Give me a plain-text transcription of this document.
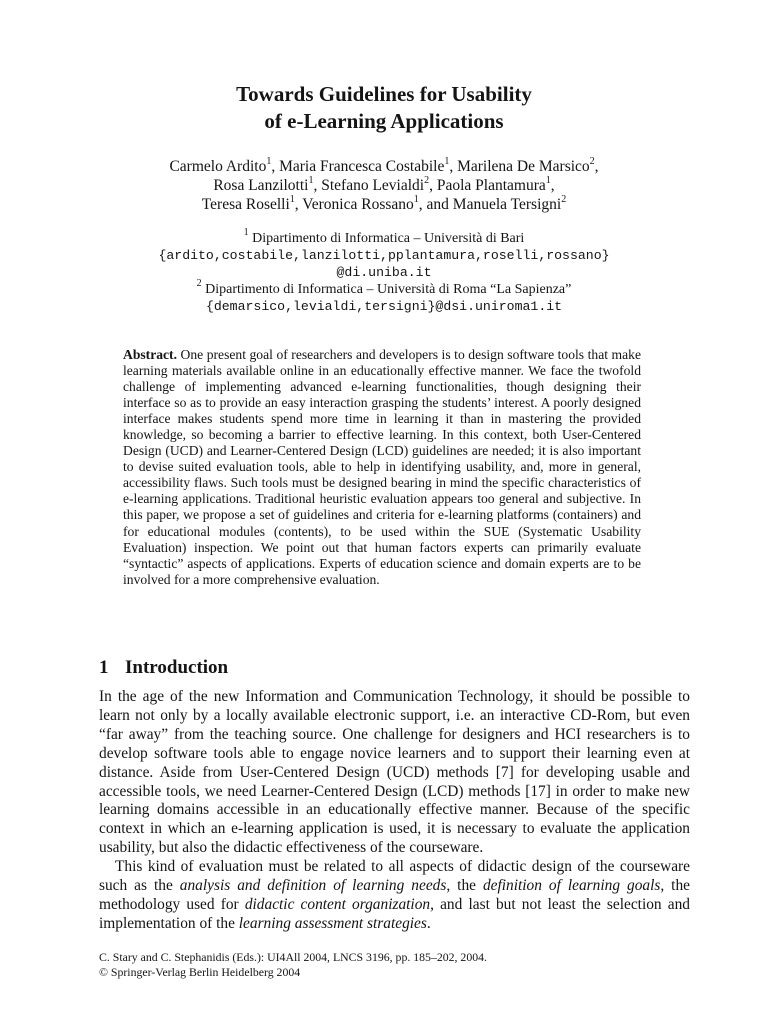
Towards Guidelines for Usability
of e-Learning Applications
Carmelo Ardito$^1$, Maria Francesca Costabile$^1$, Marilena De Marsico$^2$,
Rosa Lanzilotti$^1$, Stefano Levialdi$^2$, Paola Plantamura$^1$,
Teresa Roselli$^1$, Veronica Rossano$^1$, and Manuela Tersigni$^2$
$^1$ Dipartimento di Informatica – Università di Bari
{ardito,costabile,lanzilotti,pplantamura,roselli,rossano}
@di.uniba.it
$^2$ Dipartimento di Informatica – Università di Roma “La Sapienza”
{demarsico,levialdi,tersigni}@dsi.uniroma1.it
Abstract. One present goal of researchers and developers is to design software tools that make learning materials available online in an educationally effective manner. We face the twofold challenge of implementing advanced e-learning functionalities, though designing their interface so as to provide an easy interaction grasping the students’ interest. A poorly designed interface makes students spend more time in learning it than in mastering the provided knowledge, so becoming a barrier to effective learning. In this context, both User-Centered Design (UCD) and Learner-Centered Design (LCD) guidelines are needed; it is also important to devise suited evaluation tools, able to help in identifying usability, and, more in general, accessibility flaws. Such tools must be designed bearing in mind the specific characteristics of e-learning applications. Traditional heuristic evaluation appears too general and subjective. In this paper, we propose a set of guidelines and criteria for e-learning platforms (containers) and for educational modules (contents), to be used within the SUE (Systematic Usability Evaluation) inspection. We point out that human factors experts can primarily evaluate “syntactic” aspects of applications. Experts of education science and domain experts are to be involved for a more comprehensive evaluation.
1 Introduction

In the age of the new Information and Communication Technology, it should be possible to learn not only by a locally available electronic support, i.e. an interactive CD-Rom, but even “far away” from the teaching source. One challenge for designers and HCI researchers is to develop software tools able to engage novice learners and to support their learning even at distance. Aside from User-Centered Design (UCD) methods [7] for developing usable and accessible tools, we need Learner-Centered Design (LCD) methods [17] in order to make new learning domains accessible in an educationally effective manner. Because of the specific context in which an e-learning application is used, it is necessary to evaluate the application usability, but also the didactic effectiveness of the courseware.

This kind of evaluation must be related to all aspects of didactic design of the courseware such as the analysis and definition of learning needs, the definition of learning goals, the methodology used for didactic content organization, and last but not least the selection and implementation of the learning assessment strategies.

C. Stary and C. Stephanidis (Eds.): UI4All 2004, LNCS 3196, pp. 185–202, 2004.
© Springer-Verlag Berlin Heidelberg 2004
